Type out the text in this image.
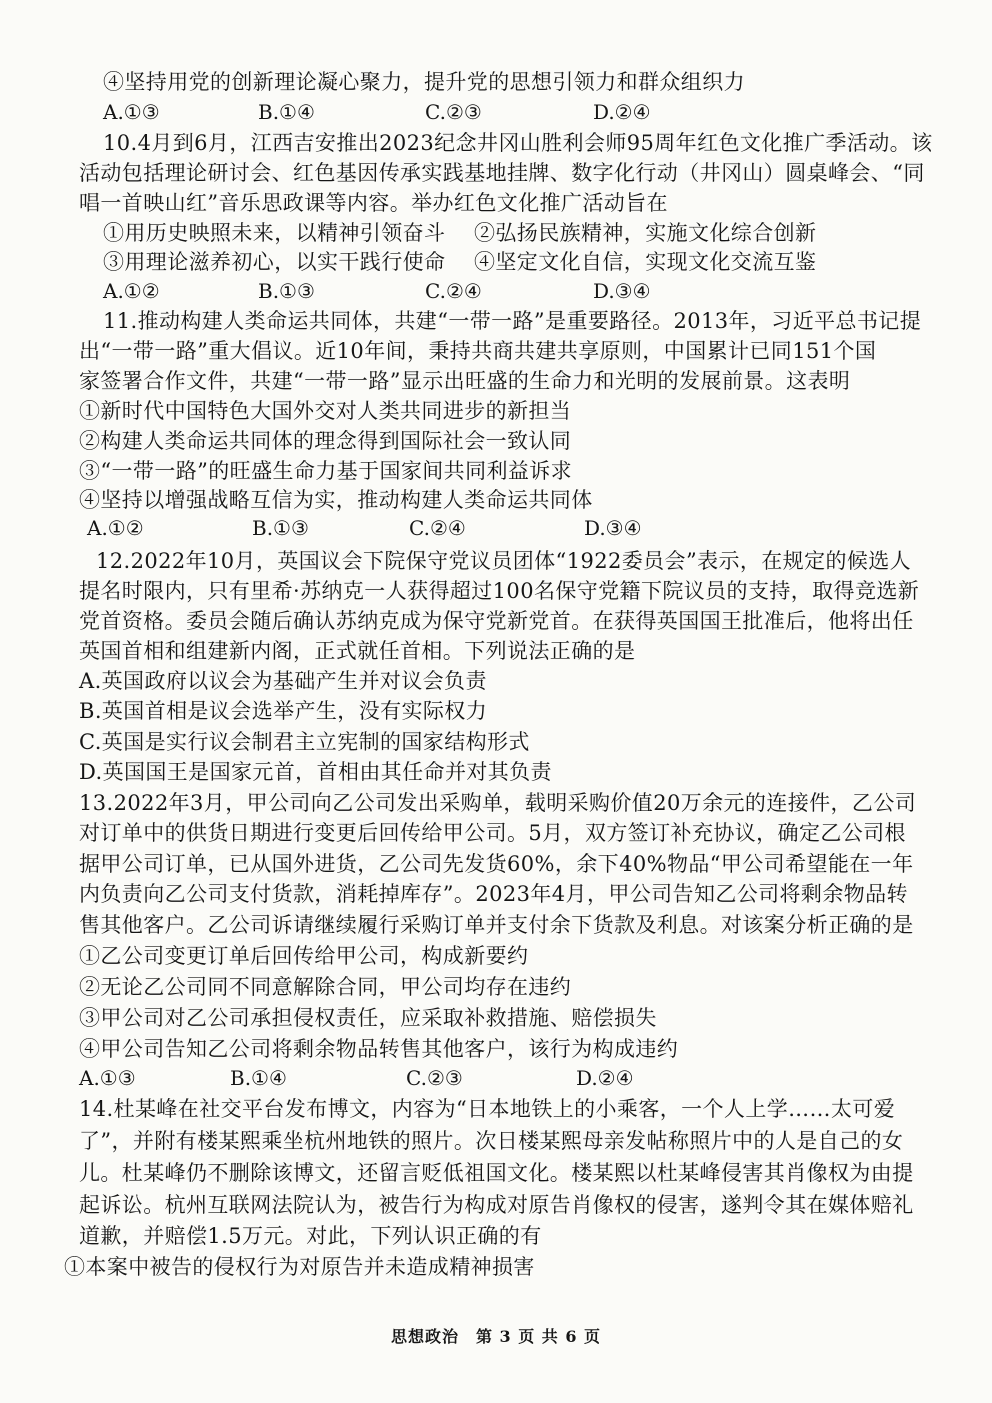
④坚持用党的创新理论凝心聚力，提升党的思想引领力和群众组织力
A.①③	B.①④	C.②③	D.②④
10.4月到6月，江西吉安推出2023纪念井冈山胜利会师95周年红色文化推广季活动。该
活动包括理论研讨会、红色基因传承实践基地挂牌、数字化行动（井冈山）圆桌峰会、“同
唱一首映山红”音乐思政课等内容。举办红色文化推广活动旨在
①用历史映照未来，以精神引领奋斗 ②弘扬民族精神，实施文化综合创新
③用理论滋养初心，以实干践行使命 ④坚定文化自信，实现文化交流互鉴
A.①②	B.①③	C.②④	D.③④
11.推动构建人类命运共同体，共建“一带一路”是重要路径。2013年，习近平总书记提
出“一带一路”重大倡议。近10年间，秉持共商共建共享原则，中国累计已同151个国
家签署合作文件，共建“一带一路”显示出旺盛的生命力和光明的发展前景。这表明
①新时代中国特色大国外交对人类共同进步的新担当
②构建人类命运共同体的理念得到国际社会一致认同
③“一带一路”的旺盛生命力基于国家间共同利益诉求
④坚持以增强战略互信为实，推动构建人类命运共同体
A.①②	B.①③	C.②④	D.③④
12.2022年10月，英国议会下院保守党议员团体“1922委员会”表示，在规定的候选人
提名时限内，只有里希·苏纳克一人获得超过100名保守党籍下院议员的支持，取得竞选新
党首资格。委员会随后确认苏纳克成为保守党新党首。在获得英国国王批准后，他将出任
英国首相和组建新内阁，正式就任首相。下列说法正确的是
A.英国政府以议会为基础产生并对议会负责
B.英国首相是议会选举产生，没有实际权力
C.英国是实行议会制君主立宪制的国家结构形式
D.英国国王是国家元首，首相由其任命并对其负责
13.2022年3月，甲公司向乙公司发出采购单，载明采购价值20万余元的连接件，乙公司
对订单中的供货日期进行变更后回传给甲公司。5月，双方签订补充协议，确定乙公司根
据甲公司订单，已从国外进货，乙公司先发货60%，余下40%物品“甲公司希望能在一年
内负责向乙公司支付货款，消耗掉库存”。2023年4月，甲公司告知乙公司将剩余物品转
售其他客户。乙公司诉请继续履行采购订单并支付余下货款及利息。对该案分析正确的是
①乙公司变更订单后回传给甲公司，构成新要约
②无论乙公司同不同意解除合同，甲公司均存在违约
③甲公司对乙公司承担侵权责任，应采取补救措施、赔偿损失
④甲公司告知乙公司将剩余物品转售其他客户，该行为构成违约
A.①③	B.①④	C.②③	D.②④
14.杜某峰在社交平台发布博文，内容为“日本地铁上的小乘客，一个人上学……太可爱
了”，并附有楼某熙乘坐杭州地铁的照片。次日楼某熙母亲发帖称照片中的人是自己的女
儿。杜某峰仍不删除该博文，还留言贬低祖国文化。楼某熙以杜某峰侵害其肖像权为由提
起诉讼。杭州互联网法院认为，被告行为构成对原告肖像权的侵害，遂判令其在媒体赔礼
道歉，并赔偿1.5万元。对此，下列认识正确的有
①本案中被告的侵权行为对原告并未造成精神损害
思想政治　第 3 页 共 6 页
